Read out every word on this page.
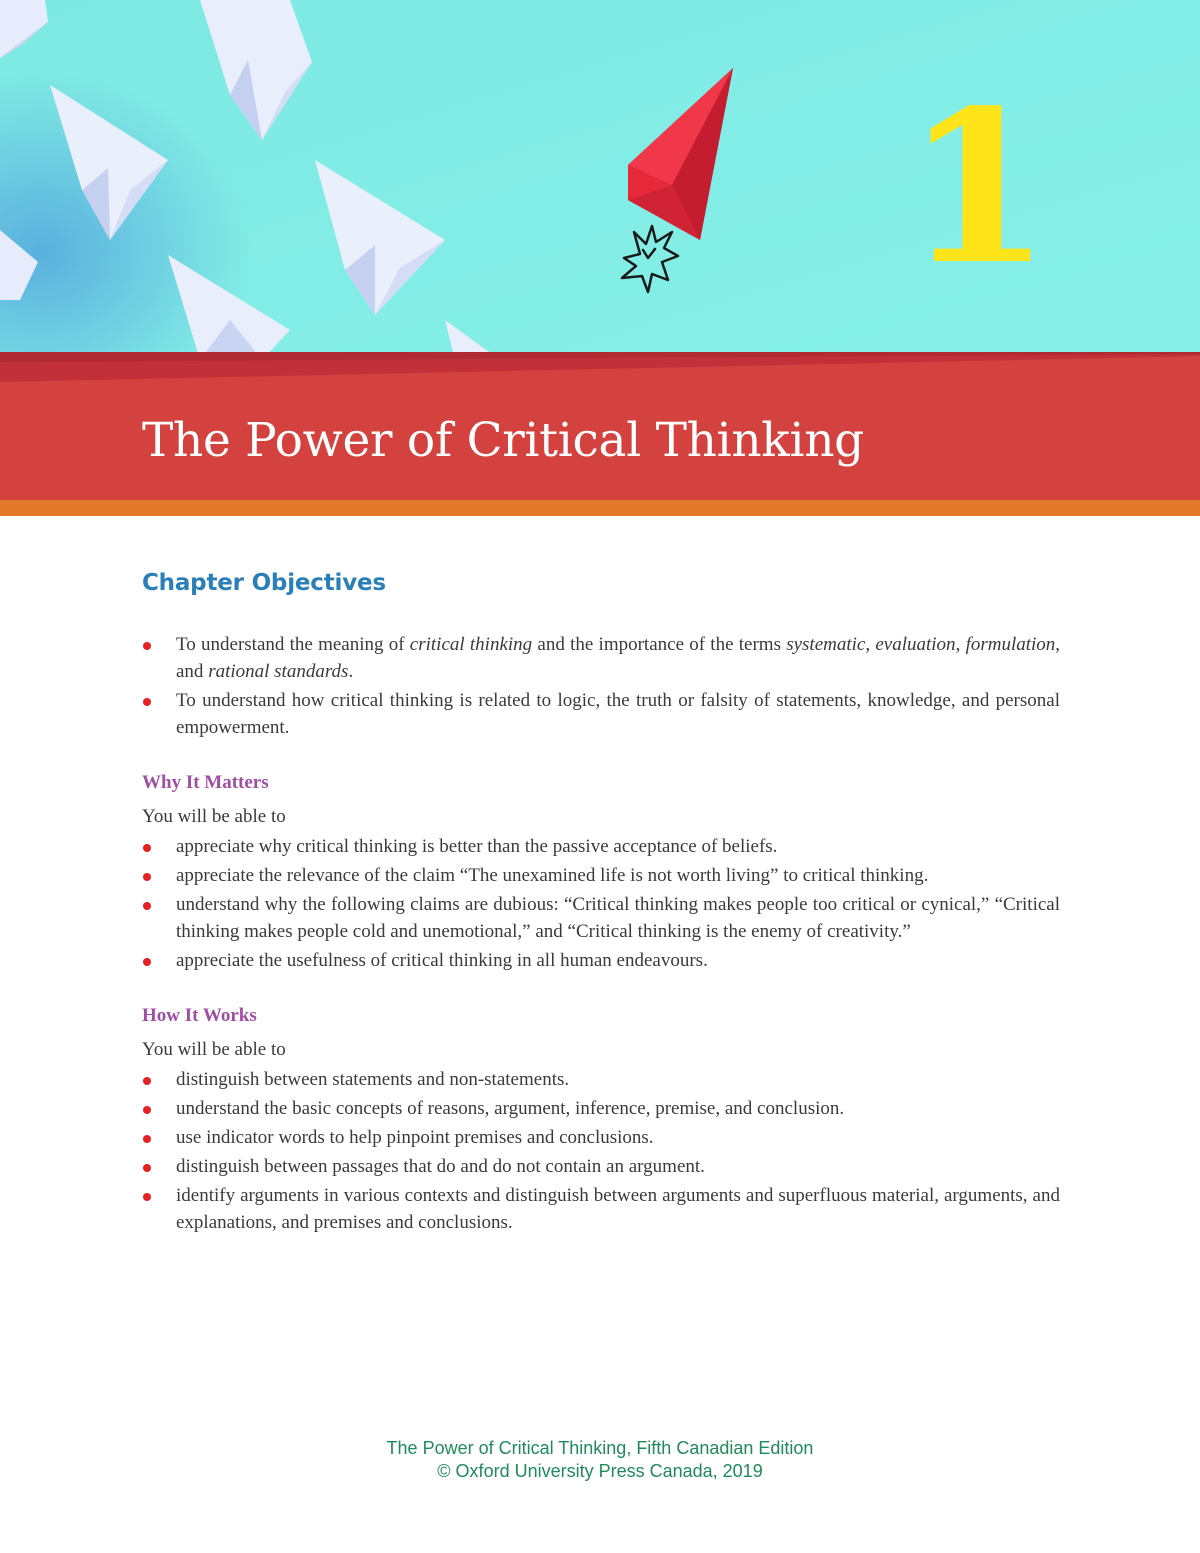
1
The Power of Critical Thinking
Chapter Objectives
To understand the meaning of critical thinking and the importance of the terms systematic, evaluation, formulation, and rational standards.
To understand how critical thinking is related to logic, the truth or falsity of statements, knowledge, and personal empowerment.
Why It Matters

You will be able to

appreciate why critical thinking is better than the passive acceptance of beliefs.
appreciate the relevance of the claim “The unexamined life is not worth living” to critical thinking.
understand why the following claims are dubious: “Critical thinking makes people too critical or cynical,” “Critical thinking makes people cold and unemotional,” and “Critical thinking is the enemy of creativity.”
appreciate the usefulness of critical thinking in all human endeavours.
How It Works

You will be able to

distinguish between statements and non-statements.
understand the basic concepts of reasons, argument, inference, premise, and conclusion.
use indicator words to help pinpoint premises and conclusions.
distinguish between passages that do and do not contain an argument.
identify arguments in various contexts and distinguish between arguments and superfluous material, arguments, and explanations, and premises and conclusions.
The Power of Critical Thinking, Fifth Canadian Edition
© Oxford University Press Canada, 2019
